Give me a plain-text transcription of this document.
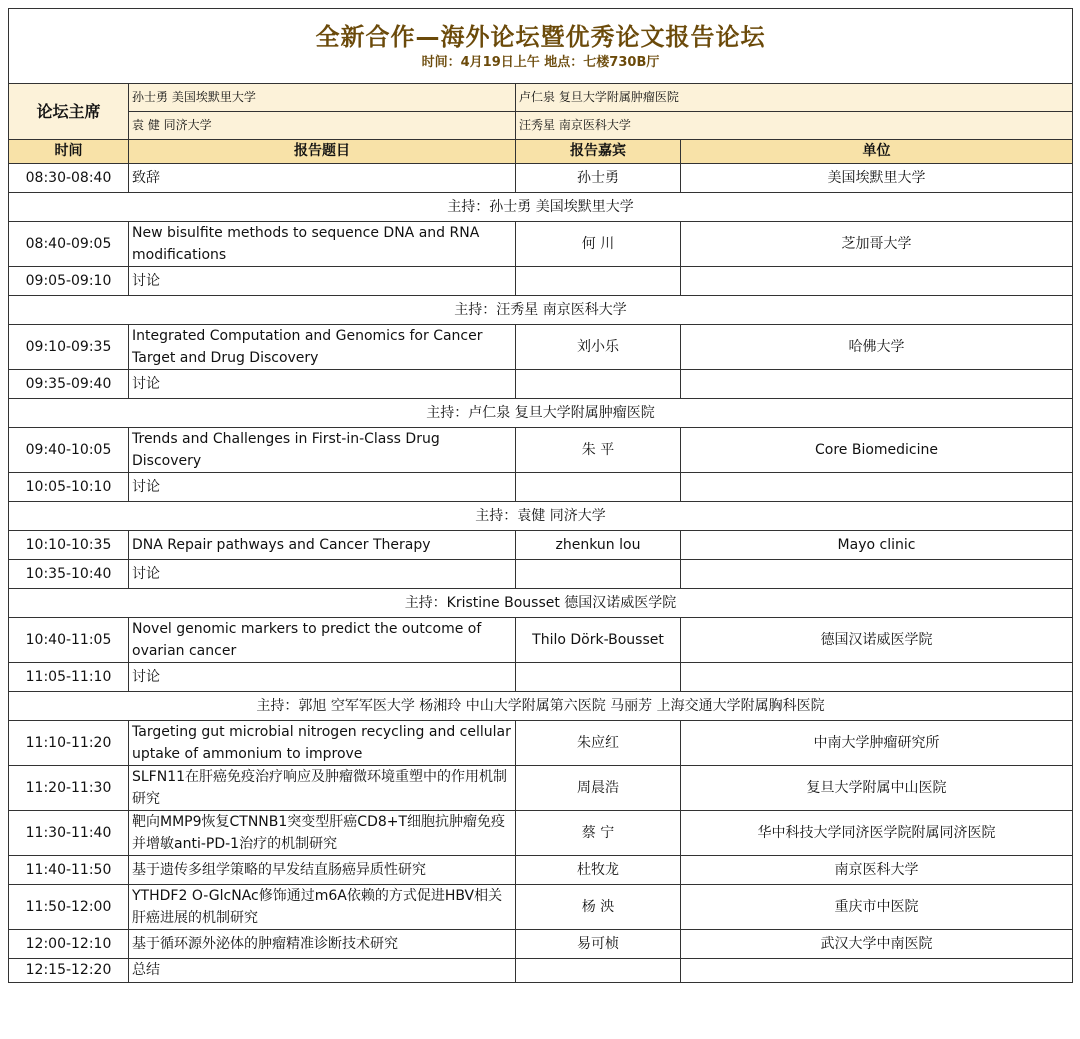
全新合作—海外论坛暨优秀论文报告论坛
时间：4月19日上午 地点：七楼730B厅			

论坛主席	孙士勇 美国埃默里大学	卢仁泉 复旦大学附属肿瘤医院	
	袁 健 同济大学	汪秀星 南京医科大学	
时间	报告题目	报告嘉宾	单位
08:30-08:40	致辞	孙士勇	美国埃默里大学
主持：孙士勇 美国埃默里大学			
08:40-09:05	New bisulfite methods to sequence DNA and RNA modifications	何 川	芝加哥大学
09:05-09:10	讨论		
主持：汪秀星 南京医科大学			
09:10-09:35	Integrated Computation and Genomics for Cancer Target and Drug Discovery	刘小乐	哈佛大学
09:35-09:40	讨论		
主持：卢仁泉 复旦大学附属肿瘤医院			
09:40-10:05	Trends and Challenges in First-in-Class Drug Discovery	朱 平	Core Biomedicine
10:05-10:10	讨论		
主持：袁健 同济大学			
10:10-10:35	DNA Repair pathways and Cancer Therapy	zhenkun lou	Mayo clinic
10:35-10:40	讨论		
主持：Kristine Bousset 德国汉诺威医学院			
10:40-11:05	Novel genomic markers to predict the outcome of ovarian cancer	Thilo Dörk-Bousset	德国汉诺威医学院
11:05-11:10	讨论		
主持：郭旭 空军军医大学 杨湘玲 中山大学附属第六医院 马丽芳 上海交通大学附属胸科医院			
11:10-11:20	Targeting gut microbial nitrogen recycling and cellular uptake of ammonium to improve	朱应红	中南大学肿瘤研究所
11:20-11:30	SLFN11在肝癌免疫治疗响应及肿瘤微环境重塑中的作用机制研究	周晨浩	复旦大学附属中山医院
11:30-11:40	靶向MMP9恢复CTNNB1突变型肝癌CD8+T细胞抗肿瘤免疫并增敏anti-PD-1治疗的机制研究	蔡 宁	华中科技大学同济医学院附属同济医院
11:40-11:50	基于遗传多组学策略的早发结直肠癌异质性研究	杜牧龙	南京医科大学
11:50-12:00	YTHDF2 O-GlcNAc修饰通过m6A依赖的方式促进HBV相关肝癌进展的机制研究	杨 泱	重庆市中医院
12:00-12:10	基于循环源外泌体的肿瘤精准诊断技术研究	易可桢	武汉大学中南医院
12:15-12:20	总结		
